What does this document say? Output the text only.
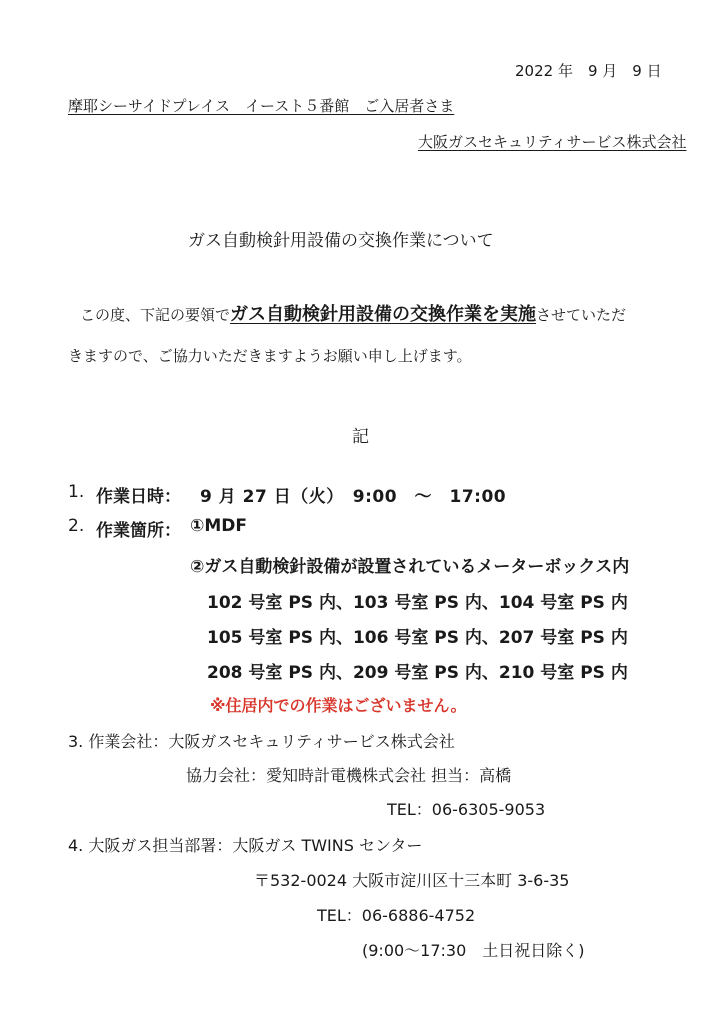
2022 年　9 月　9 日
摩耶シーサイドプレイス　イースト５番館　ご入居者さま
大阪ガスセキュリティサービス株式会社
ガス自動検針用設備の交換作業について
この度、下記の要領でガス自動検針用設備の交換作業を実施させていただ
きますので、ご協力いただきますようお願い申し上げます。
記
1. 作業日時： 9 月 27 日（火）　9:00　～　17:00
2. 作業箇所： ①MDF
②ガス自動検針設備が設置されているメーターボックス内
102 号室 PS 内、103 号室 PS 内、104 号室 PS 内
105 号室 PS 内、106 号室 PS 内、207 号室 PS 内
208 号室 PS 内、209 号室 PS 内、210 号室 PS 内
※住居内での作業はございません。
3. 作業会社：大阪ガスセキュリティサービス株式会社
協力会社：愛知時計電機株式会社 担当：高橋
TEL：06-6305-9053
4. 大阪ガス担当部署：大阪ガス TWINS センター
〒532-0024 大阪市淀川区十三本町 3-6-35
TEL：06-6886-4752
(9:00～17:30　土日祝日除く)
